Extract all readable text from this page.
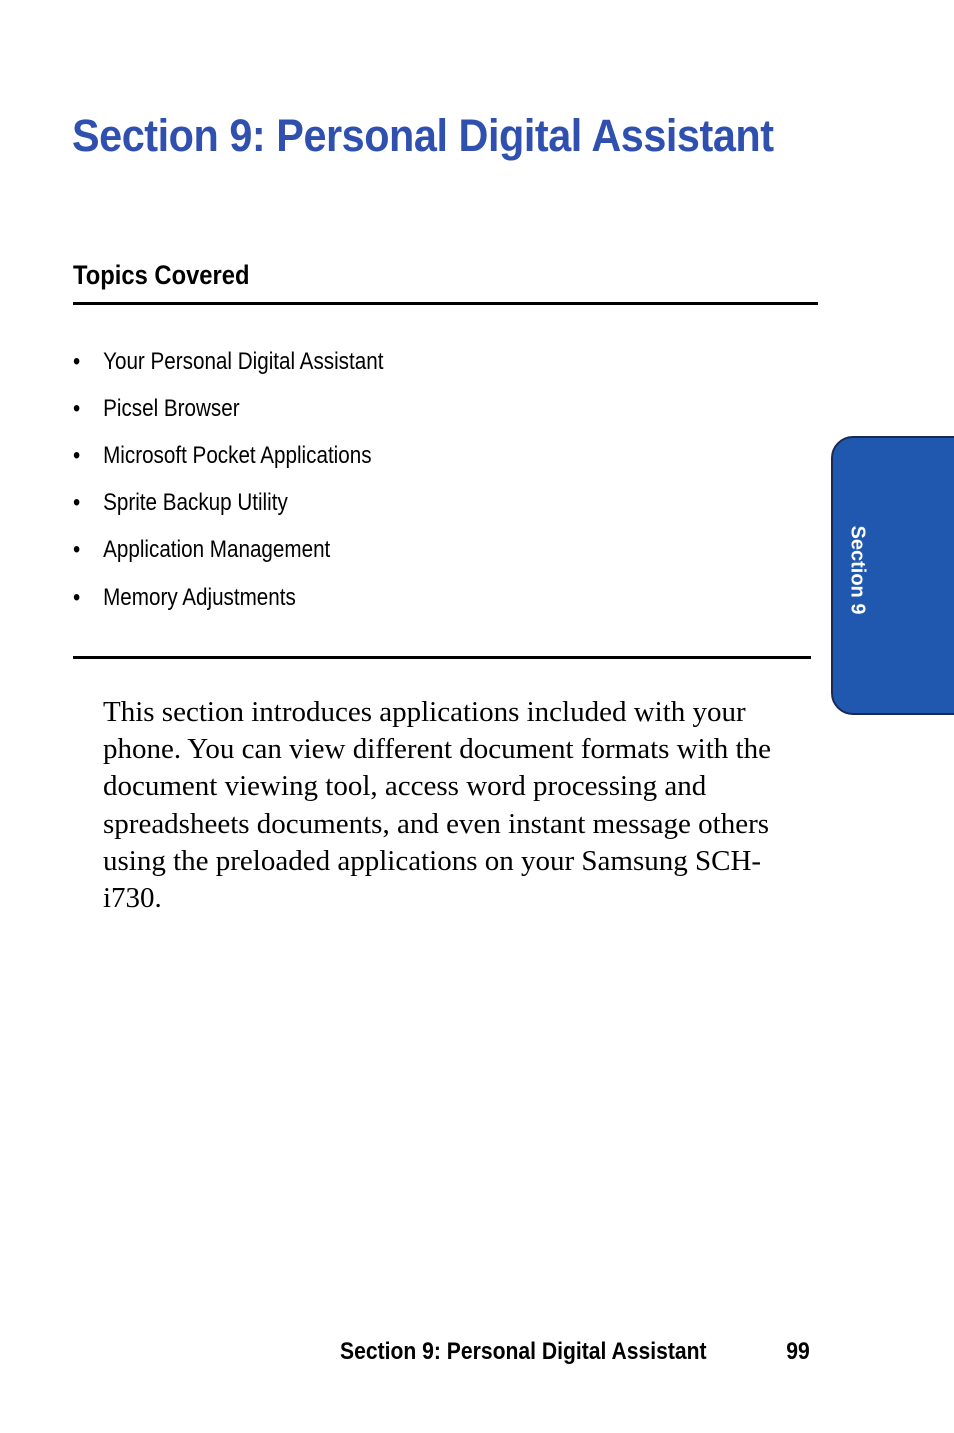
Section 9: Personal Digital Assistant
Topics Covered
• Your Personal Digital Assistant
• Picsel Browser
• Microsoft Pocket Applications
• Sprite Backup Utility
• Application Management
• Memory Adjustments

This section introduces applications included with your phone. You can view different document formats with the document viewing tool, access word processing and spreadsheets documents, and even instant message others using the preloaded applications on your Samsung SCH-i730.

Section 9
Section 9: Personal Digital Assistant	99
